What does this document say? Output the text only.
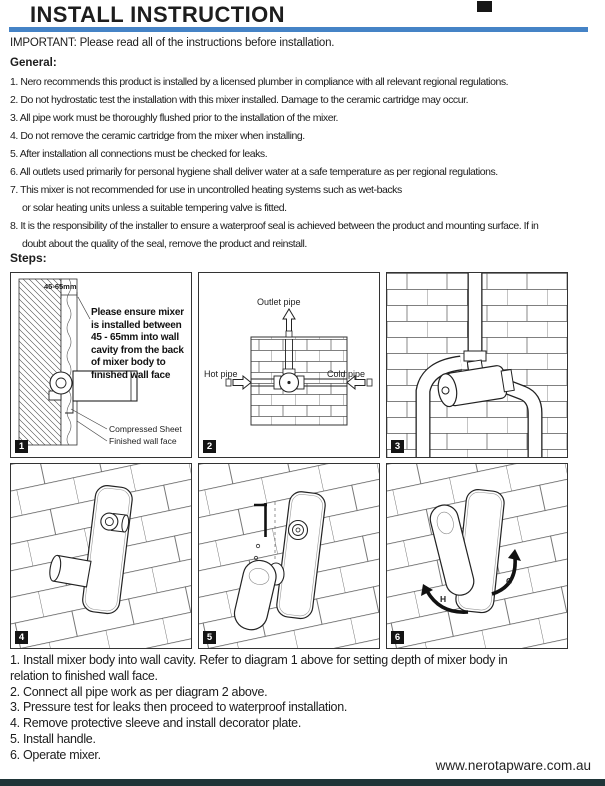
INSTALL INSTRUCTION
IMPORTANT: Please read all of the instructions before installation.
General:
1. Nero recommends this product is installed by a licensed plumber in compliance with all relevant regional regulations.
2. Do not hydrostatic test the installation with this mixer installed. Damage to the ceramic cartridge may occur.
3. All pipe work must be thoroughly flushed prior to the installation of the mixer.
4. Do not remove the ceramic cartridge from the mixer when installing.
5. After installation all connections must be checked for leaks.
6. All outlets used primarily for personal hygiene shall deliver water at a safe temperature as per regional regulations.
7. This mixer is not recommended for use in uncontrolled heating systems such as wet-backs
or solar heating units unless a suitable tempering valve is fitted.
8. It is the responsibility of the installer to ensure a waterproof seal is achieved between the product and mounting surface. If in
doubt about the quality of the seal, remove the product and reinstall.
Steps:
45-65mm
Please ensure mixer is installed between 45 - 65mm into wall cavity from the back of mixer body to finished wall face
Compressed Sheet
Finished wall face
1
Outlet pipe
Hot pipe	Cold pipe
2	3
4	5
H
C
6
1. Install mixer body into wall cavity. Refer to diagram 1 above for setting depth of mixer body in
relation to finished wall face.
2. Connect all pipe work as per diagram 2 above.
3. Pressure test for leaks then proceed to waterproof installation.
4. Remove protective sleeve and install decorator plate.
5. Install handle.
6. Operate mixer.
www.nerotapware.com.au
